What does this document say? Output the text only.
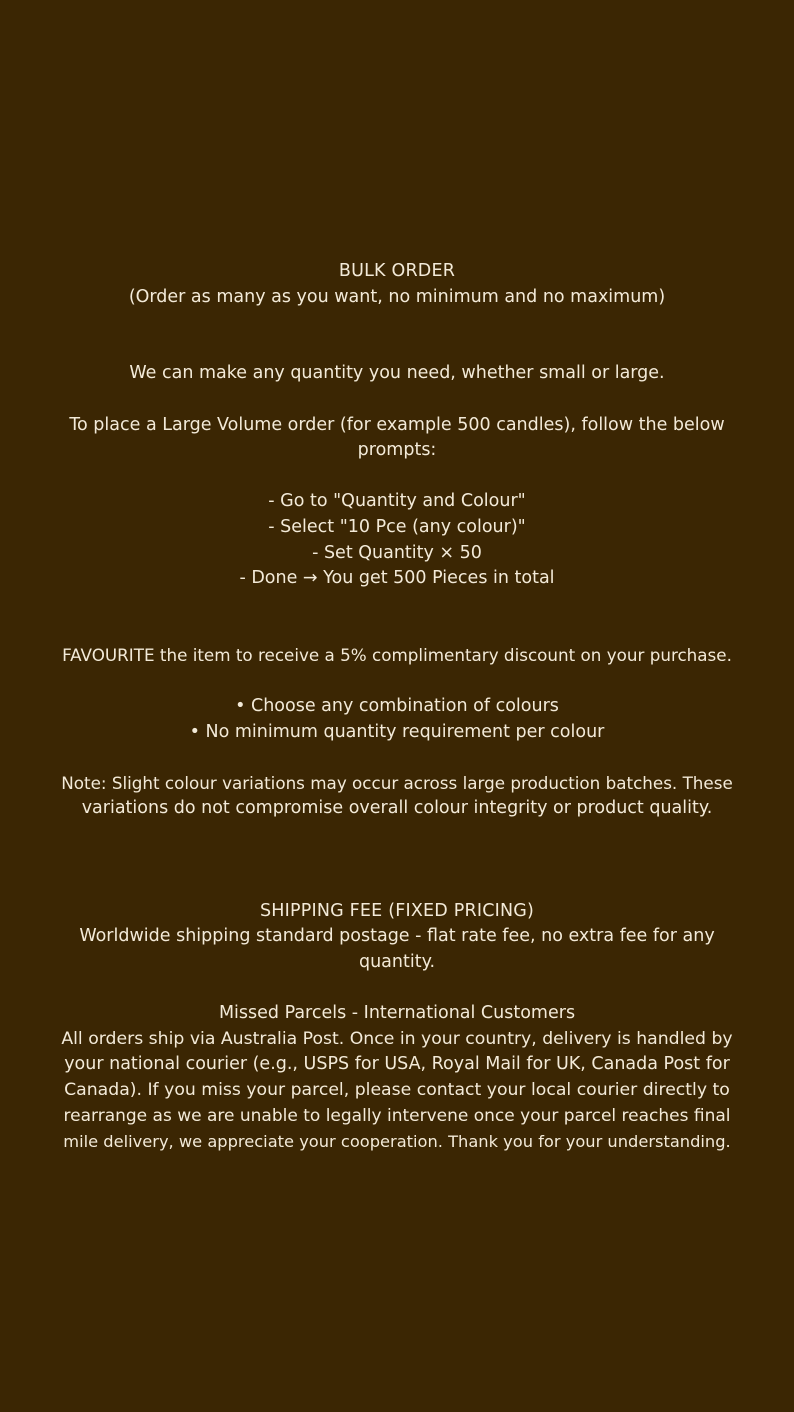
BULK ORDER
(Order as many as you want, no minimum and no maximum)
We can make any quantity you need, whether small or large.
To place a Large Volume order (for example 500 candles), follow the below
prompts:
- Go to "Quantity and Colour"
- Select "10 Pce (any colour)"
- Set Quantity × 50
- Done → You get 500 Pieces in total
FAVOURITE the item to receive a 5% complimentary discount on your purchase.
• Choose any combination of colours
• No minimum quantity requirement per colour
Note: Slight colour variations may occur across large production batches. These
variations do not compromise overall colour integrity or product quality.
SHIPPING FEE (FIXED PRICING)
Worldwide shipping standard postage - flat rate fee, no extra fee for any
quantity.
Missed Parcels - International Customers
All orders ship via Australia Post. Once in your country, delivery is handled by
your national courier (e.g., USPS for USA, Royal Mail for UK, Canada Post for
Canada). If you miss your parcel, please contact your local courier directly to
rearrange as we are unable to legally intervene once your parcel reaches final
mile delivery, we appreciate your cooperation. Thank you for your understanding.
